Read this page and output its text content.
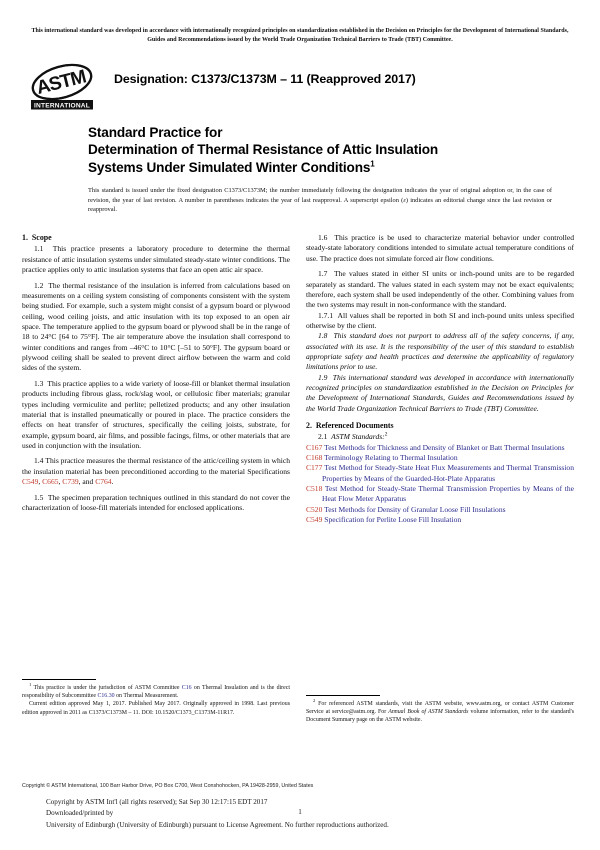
This international standard was developed in accordance with internationally recognized principles on standardization established in the Decision on Principles for the Development of International Standards, Guides and Recommendations issued by the World Trade Organization Technical Barriers to Trade (TBT) Committee.
ASTM
INTERNATIONAL
Designation: C1373/C1373M – 11 (Reapproved 2017)
Standard Practice for
Determination of Thermal Resistance of Attic Insulation
Systems Under Simulated Winter Conditions$^1$
This standard is issued under the fixed designation C1373/C1373M; the number immediately following the designation indicates the year of original adoption or, in the case of revision, the year of last revision. A number in parentheses indicates the year of last reapproval. A superscript epsilon (ε) indicates an editorial change since the last revision or reapproval.
1. Scope

1.1 This practice presents a laboratory procedure to determine the thermal resistance of attic insulation systems under simulated steady-state winter conditions. The practice applies only to attic insulation systems that face an open attic air space.

1.2 The thermal resistance of the insulation is inferred from calculations based on measurements on a ceiling system consisting of components consistent with the system being studied. For example, such a system might consist of a gypsum board or plywood ceiling, wood ceiling joists, and attic insulation with its top exposed to an open air space. The temperature applied to the gypsum board or plywood shall be in the range of 18 to 24°C [64 to 75°F]. The air temperature above the insulation shall correspond to winter conditions and ranges from –46°C to 10°C [–51 to 50°F]. The gypsum board or plywood ceiling shall be sealed to prevent direct airflow between the warm and cold sides of the system.

1.3 This practice applies to a wide variety of loose-fill or blanket thermal insulation products including fibrous glass, rock/slag wool, or cellulosic fiber materials; granular types including vermiculite and perlite; pelletized products; and any other insulation material that is installed pneumatically or poured in place. The practice considers the effects on heat transfer of structures, specifically the ceiling joists, substrate, for example, gypsum board, air films, and possible facings, films, or other materials that are used in conjunction with the insulation.

1.4 This practice measures the thermal resistance of the attic/ceiling system in which the insulation material has been preconditioned according to the material Specifications C549, C665, C739, and C764.

1.5 The specimen preparation techniques outlined in this standard do not cover the characterization of loose-fill materials intended for enclosed applications.

1.6 This practice is be used to characterize material behavior under controlled steady-state laboratory conditions intended to simulate actual temperature conditions of use. The practice does not simulate forced air flow conditions.

1.7 The values stated in either SI units or inch-pound units are to be regarded separately as standard. The values stated in each system may not be exact equivalents; therefore, each system shall be used independently of the other. Combining values from the two systems may result in non-conformance with the standard.

1.7.1 All values shall be reported in both SI and inch-pound units unless specified otherwise by the client.

1.8 This standard does not purport to address all of the safety concerns, if any, associated with its use. It is the responsibility of the user of this standard to establish appropriate safety and health practices and determine the applicability of regulatory limitations prior to use.

1.9 This international standard was developed in accordance with internationally recognized principles on standardization established in the Decision on Principles for the Development of International Standards, Guides and Recommendations issued by the World Trade Organization Technical Barriers to Trade (TBT) Committee.

2. Referenced Documents
2.1 ASTM Standards:$^2$

C167 Test Methods for Thickness and Density of Blanket or Batt Thermal Insulations

C168 Terminology Relating to Thermal Insulation

C177 Test Method for Steady-State Heat Flux Measurements and Thermal Transmission Properties by Means of the Guarded-Hot-Plate Apparatus

C518 Test Method for Steady-State Thermal Transmission Properties by Means of the Heat Flow Meter Apparatus

C520 Test Methods for Density of Granular Loose Fill Insulations

C549 Specification for Perlite Loose Fill Insulation

$^1$ This practice is under the jurisdiction of ASTM Committee C16 on Thermal Insulation and is the direct responsibility of Subcommittee C16.30 on Thermal Measurement.

Current edition approved May 1, 2017. Published May 2017. Originally approved in 1998. Last previous edition approved in 2011 as C1373/C1373M – 11. DOI: 10.1520/C1373_C1373M-11R17.

$^2$ For referenced ASTM standards, visit the ASTM website, www.astm.org, or contact ASTM Customer Service at service@astm.org. For Annual Book of ASTM Standards volume information, refer to the standard's Document Summary page on the ASTM website.

Copyright © ASTM International, 100 Barr Harbor Drive, PO Box C700, West Conshohocken, PA 19428-2959, United States
Copyright by ASTM Int'l (all rights reserved); Sat Sep 30 12:17:15 EDT 2017
Downloaded/printed by
University of Edinburgh (University of Edinburgh) pursuant to License Agreement. No further reproductions authorized.
1
